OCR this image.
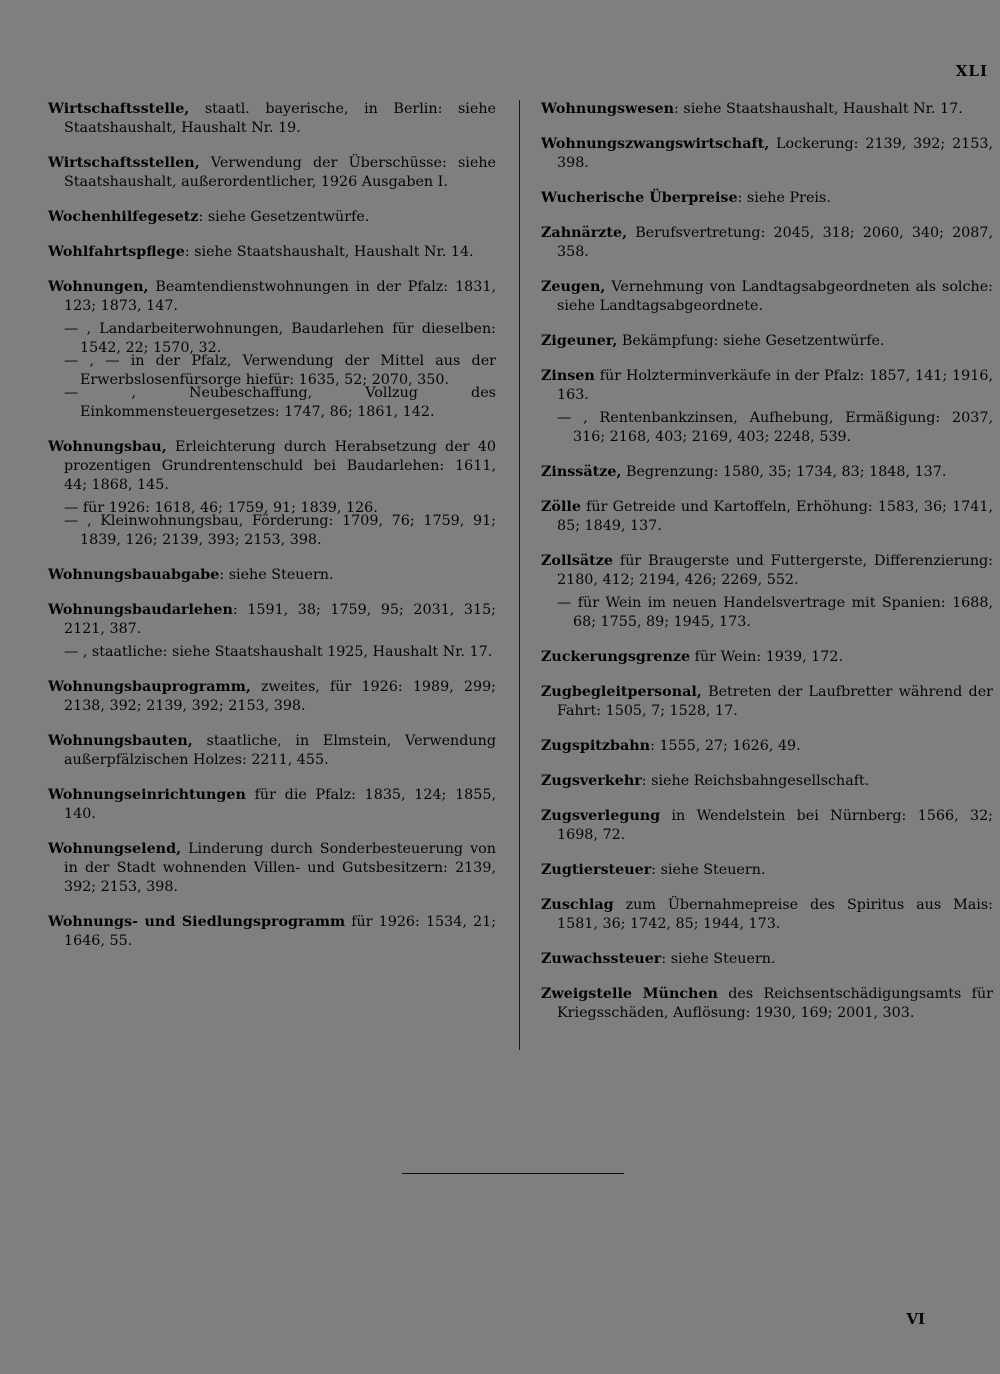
XLI

Wirtschaftsstelle, staatl. bayerische, in Berlin: siehe Staatshaushalt, Haushalt Nr. 19.

Wirtschaftsstellen, Verwendung der Überschüsse: siehe Staatshaushalt, außerordentlicher, 1926 Ausgaben I.

Wochenhilfegesetz: siehe Gesetzentwürfe.

Wohlfahrtspflege: siehe Staatshaushalt, Haushalt Nr. 14.

Wohnungen, Beamtendienstwohnungen in der Pfalz: 1831, 123; 1873, 147.

— , Landarbeiterwohnungen, Baudarlehen für dieselben: 1542, 22; 1570, 32.

— , — in der Pfalz, Verwendung der Mittel aus der Erwerbslosenfürsorge hiefür: 1635, 52; 2070, 350.

— , Neubeschaffung, Vollzug des Einkommensteuergesetzes: 1747, 86; 1861, 142.

Wohnungsbau, Erleichterung durch Herabsetzung der 40 prozentigen Grundrentenschuld bei Baudarlehen: 1611, 44; 1868, 145.

— für 1926: 1618, 46; 1759, 91; 1839, 126.

— , Kleinwohnungsbau, Förderung: 1709, 76; 1759, 91; 1839, 126; 2139, 393; 2153, 398.

Wohnungsbauabgabe: siehe Steuern.

Wohnungsbaudarlehen: 1591, 38; 1759, 95; 2031, 315; 2121, 387.

— , staatliche: siehe Staatshaushalt 1925, Haushalt Nr. 17.

Wohnungsbauprogramm, zweites, für 1926: 1989, 299; 2138, 392; 2139, 392; 2153, 398.

Wohnungsbauten, staatliche, in Elmstein, Verwendung außerpfälzischen Holzes: 2211, 455.

Wohnungseinrichtungen für die Pfalz: 1835, 124; 1855, 140.

Wohnungselend, Linderung durch Sonderbesteuerung von in der Stadt wohnenden Villen- und Gutsbesitzern: 2139, 392; 2153, 398.

Wohnungs- und Siedlungsprogramm für 1926: 1534, 21; 1646, 55.

Wohnungswesen: siehe Staatshaushalt, Haushalt Nr. 17.

Wohnungszwangswirtschaft, Lockerung: 2139, 392; 2153, 398.

Wucherische Überpreise: siehe Preis.

Zahnärzte, Berufsvertretung: 2045, 318; 2060, 340; 2087, 358.

Zeugen, Vernehmung von Landtagsabgeordneten als solche: siehe Landtagsabgeordnete.

Zigeuner, Bekämpfung: siehe Gesetzentwürfe.

Zinsen für Holzterminverkäufe in der Pfalz: 1857, 141; 1916, 163.

— , Rentenbankzinsen, Aufhebung, Ermäßigung: 2037, 316; 2168, 403; 2169, 403; 2248, 539.

Zinssätze, Begrenzung: 1580, 35; 1734, 83; 1848, 137.

Zölle für Getreide und Kartoffeln, Erhöhung: 1583, 36; 1741, 85; 1849, 137.

Zollsätze für Braugerste und Futtergerste, Differenzierung: 2180, 412; 2194, 426; 2269, 552.

— für Wein im neuen Handelsvertrage mit Spanien: 1688, 68; 1755, 89; 1945, 173.

Zuckerungsgrenze für Wein: 1939, 172.

Zugbegleitpersonal, Betreten der Laufbretter während der Fahrt: 1505, 7; 1528, 17.

Zugspitzbahn: 1555, 27; 1626, 49.

Zugsverkehr: siehe Reichsbahngesellschaft.

Zugsverlegung in Wendelstein bei Nürnberg: 1566, 32; 1698, 72.

Zugtiersteuer: siehe Steuern.

Zuschlag zum Übernahmepreise des Spiritus aus Mais: 1581, 36; 1742, 85; 1944, 173.

Zuwachssteuer: siehe Steuern.

Zweigstelle München des Reichsentschädigungsamts für Kriegsschäden, Auflösung: 1930, 169; 2001, 303.

VI
